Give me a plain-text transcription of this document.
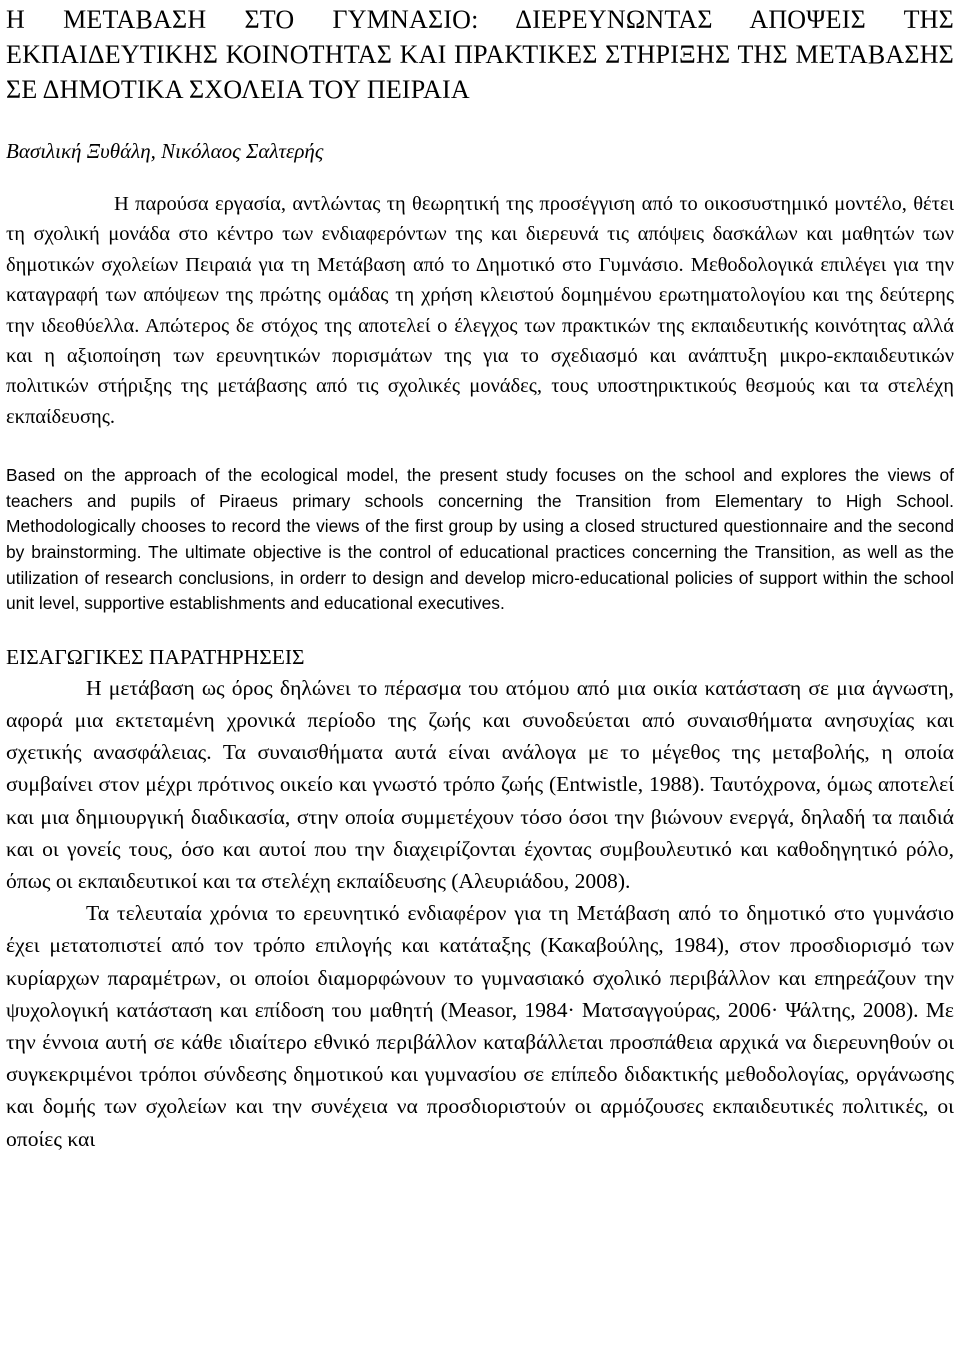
Η ΜΕΤΑΒΑΣΗ ΣΤΟ ΓΥΜΝΑΣΙΟ: ΔΙΕΡΕΥΝΩΝΤΑΣ ΑΠΟΨΕΙΣ ΤΗΣ ΕΚΠΑΙΔΕΥΤΙΚΗΣ ΚΟΙΝΟΤΗΤΑΣ ΚΑΙ ΠΡΑΚΤΙΚΕΣ ΣΤΗΡΙΞΗΣ ΤΗΣ ΜΕΤΑΒΑΣΗΣ ΣΕ ΔΗΜΟΤΙΚΑ ΣΧΟΛΕΙΑ ΤΟΥ ΠΕΙΡΑΙΑ

Βασιλική Ξυθάλη, Νικόλαος Σαλτερής

Η παρούσα εργασία, αντλώντας τη θεωρητική της προσέγγιση από το οικοσυστημικό μοντέλο, θέτει τη σχολική μονάδα στο κέντρο των ενδιαφερόντων της και διερευνά τις απόψεις δασκάλων και μαθητών των δημοτικών σχολείων Πειραιά για τη Μετάβαση από το Δημοτικό στο Γυμνάσιο. Μεθοδολογικά επιλέγει για την καταγραφή των απόψεων της πρώτης ομάδας τη χρήση κλειστού δομημένου ερωτηματολογίου και της δεύτερης την ιδεοθύελλα. Απώτερος δε στόχος της αποτελεί ο έλεγχος των πρακτικών της εκπαιδευτικής κοινότητας αλλά και η αξιοποίηση των ερευνητικών πορισμάτων της για το σχεδιασμό και ανάπτυξη μικρο-εκπαιδευτικών πολιτικών στήριξης της μετάβασης από τις σχολικές μονάδες, τους υποστηρικτικούς θεσμούς και τα στελέχη εκπαίδευσης.

Based on the approach of the ecological model, the present study focuses on the school and explores the views of teachers and pupils of Piraeus primary schools concerning the Transition from Elementary to High School. Methodologically chooses to record the views of the first group by using a closed structured questionnaire and the second by brainstorming. The ultimate objective is the control of educational practices concerning the Transition, as well as the utilization of research conclusions, in orderr to design and develop micro-educational policies of support within the school unit level, supportive establishments and educational executives.

ΕΙΣΑΓΩΓΙΚΕΣ ΠΑΡΑΤΗΡΗΣΕΙΣ

Η μετάβαση ως όρος δηλώνει το πέρασμα του ατόμου από μια οικία κατάσταση σε μια άγνωστη, αφορά μια εκτεταμένη χρονικά περίοδο της ζωής και συνοδεύεται από συναισθήματα ανησυχίας και σχετικής ανασφάλειας. Τα συναισθήματα αυτά είναι ανάλογα με το μέγεθος της μεταβολής, η οποία συμβαίνει στον μέχρι πρότινος οικείο και γνωστό τρόπο ζωής (Entwistle, 1988). Ταυτόχρονα, όμως αποτελεί και μια δημιουργική διαδικασία, στην οποία συμμετέχουν τόσο όσοι την βιώνουν ενεργά, δηλαδή τα παιδιά και οι γονείς τους, όσο και αυτοί που την διαχειρίζονται έχοντας συμβουλευτικό και καθοδηγητικό ρόλο, όπως οι εκπαιδευτικοί και τα στελέχη εκπαίδευσης (Αλευριάδου, 2008).

Τα τελευταία χρόνια το ερευνητικό ενδιαφέρον για τη Μετάβαση από το δημοτικό στο γυμνάσιο έχει μετατοπιστεί από τον τρόπο επιλογής και κατάταξης (Κακαβούλης, 1984), στον προσδιορισμό των κυρίαρχων παραμέτρων, οι οποίοι διαμορφώνουν το γυμνασιακό σχολικό περιβάλλον και επηρεάζουν την ψυχολογική κατάσταση και επίδοση του μαθητή (Measor, 1984· Ματσαγγούρας, 2006· Ψάλτης, 2008). Με την έννοια αυτή σε κάθε ιδιαίτερο εθνικό περιβάλλον καταβάλλεται προσπάθεια αρχικά να διερευνηθούν οι συγκεκριμένοι τρόποι σύνδεσης δημοτικού και γυμνασίου σε επίπεδο διδακτικής μεθοδολογίας, οργάνωσης και δομής των σχολείων και την συνέχεια να προσδιοριστούν οι αρμόζουσες εκπαιδευτικές πολιτικές, οι οποίες και
